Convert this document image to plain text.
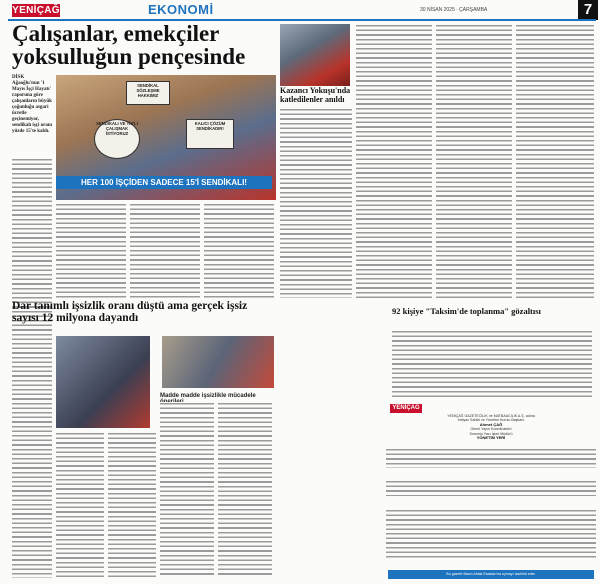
YENİÇAĞ	EKONOMİ	30 NİSAN 2025 · ÇARŞAMBA	7
Çalışanlar, emekçiler yoksulluğun pençesinde
DİSK Ağaoğlu'nun '1 Mayıs İşçi Hayatı' raporuna göre çalışanların büyük çoğunluğu asgari ücretle geçinemiyor, sendikalı işçi oranı yüzde 15'te kaldı.
SENDİKAL SÖZLEŞME HAKKIMIZ
SENDİKALI VE TİS'Lİ ÇALIŞMAK İSTİYORUZ
KALICI ÇÖZÜM SENDİKADIR!
HER 100 İŞÇİDEN SADECE 15'İ SENDİKALI!
Dar tanımlı işsizlik oranı düştü ama gerçek işsiz sayısı 12 milyona dayandı
Madde madde işsizlikle mücadele
Kazancı Yokuşu'nda katledilenler anıldı
92 kişiye "Taksim'de toplanma" gözaltısı
YENİÇAĞ
YENİÇAĞ GAZETECİLİK ve MATBAACILIK A.Ş. adına
İmtiyaz Sahibi ve Yönetim Kurulu Başkanı
Ahmet ÇAĞ
Genel Yayın Koordinatörü
Sorumlu Yazı İşleri Müdürü
YÖNETİM YERİ
Bu gazete Basın Ahlak Esasları'na uymayı taahhüt eder.
